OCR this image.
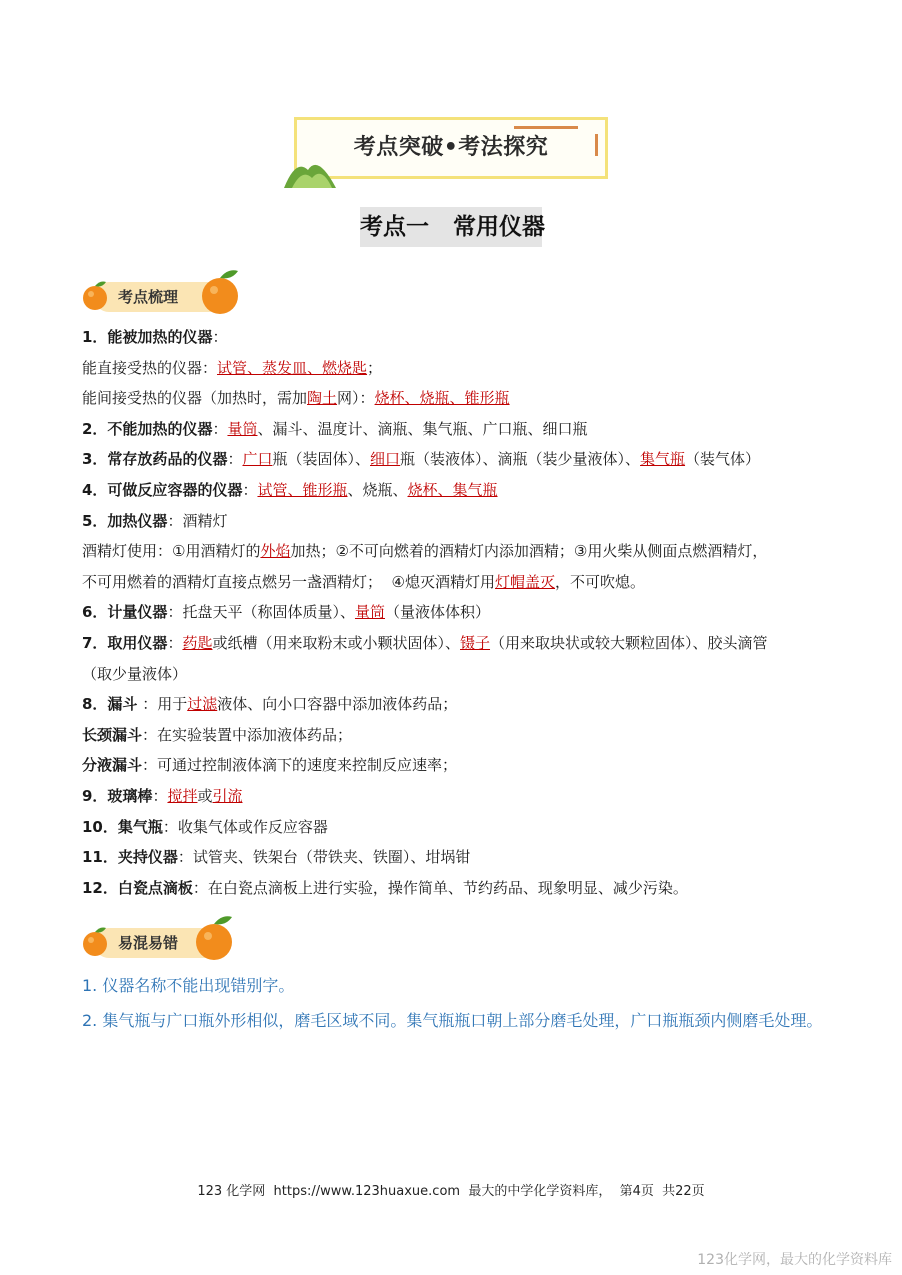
考点突破•考法探究
考点一   常用仪器
考点梳理
1．能被加热的仪器：
能直接受热的仪器：试管、蒸发皿、燃烧匙；
能间接受热的仪器（加热时，需加陶土网）：烧杯、烧瓶、锥形瓶
2．不能加热的仪器：量筒、漏斗、温度计、滴瓶、集气瓶、广口瓶、细口瓶
3．常存放药品的仪器：广口瓶（装固体）、细口瓶（装液体）、滴瓶（装少量液体）、集气瓶（装气体）
4．可做反应容器的仪器：试管、锥形瓶、烧瓶、烧杯、集气瓶
5．加热仪器：酒精灯
酒精灯使用：①用酒精灯的外焰加热；②不可向燃着的酒精灯内添加酒精；③用火柴从侧面点燃酒精灯，
不可用燃着的酒精灯直接点燃另一盏酒精灯；  ④熄灭酒精灯用灯帽盖灭，不可吹熄。
6．计量仪器：托盘天平（称固体质量）、量筒（量液体体积）
7．取用仪器：药匙或纸槽（用来取粉末或小颗状固体）、镊子（用来取块状或较大颗粒固体）、胶头滴管
（取少量液体）
8．漏斗 ：用于过滤液体、向小口容器中添加液体药品；
长颈漏斗：在实验装置中添加液体药品；
分液漏斗：可通过控制液体滴下的速度来控制反应速率；
9．玻璃棒：搅拌或引流
10．集气瓶：收集气体或作反应容器
11．夹持仪器：试管夹、铁架台（带铁夹、铁圈）、坩埚钳
12．白瓷点滴板：在白瓷点滴板上进行实验，操作简单、节约药品、现象明显、减少污染。
易混易错
1. 仪器名称不能出现错别字。
2. 集气瓶与广口瓶外形相似，磨毛区域不同。集气瓶瓶口朝上部分磨毛处理，广口瓶瓶颈内侧磨毛处理。
123 化学网  https://www.123huaxue.com  最大的中学化学资料库，  第4页  共22页
123化学网，最大的化学资料库
